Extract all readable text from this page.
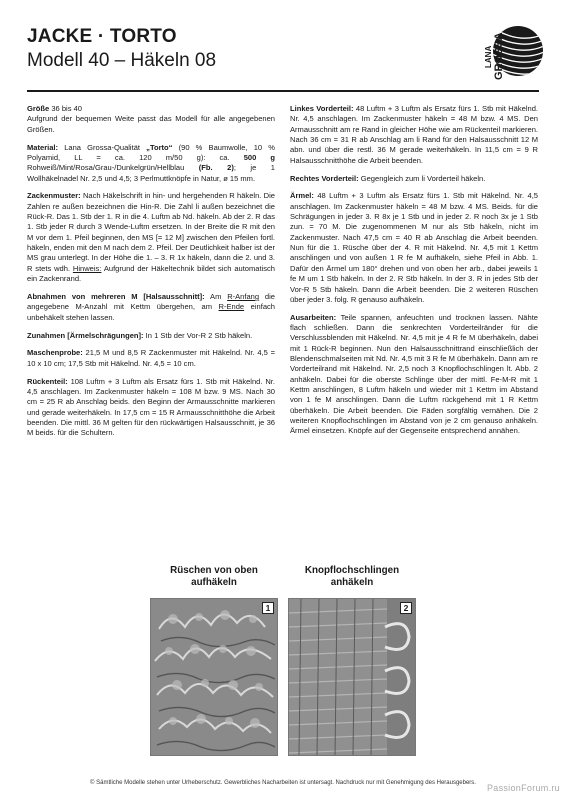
JACKE · TORTO
Modell 40 – Häkeln 08	LANA GROSSA

Größe 36 bis 40
Aufgrund der bequemen Weite passt das Modell für alle angegebenen Größen.

Material: Lana Grossa-Qualität „Torto“ (90 % Baumwolle, 10 % Polyamid, LL = ca. 120 m/50 g): ca. 500 g Rohweiß/Mint/Rosa/Grau-/Dunkelgrün/Hellblau (Fb. 2); je 1 Wollhäkelnadel Nr. 2,5 und 4,5; 3 Perlmuttknöpfe in Natur, ø 15 mm.

Zackenmuster: Nach Häkelschrift in hin- und hergehenden R häkeln. Die Zahlen re außen bezeichnen die Hin-R. Die Zahl li außen bezeichnet die Rück-R. Das 1. Stb der 1. R in die 4. Luftm ab Nd. häkeln. Ab der 2. R das 1. Stb jeder R durch 3 Wende-Luftm ersetzen. In der Breite die R mit den M vor dem 1. Pfeil beginnen, den MS [= 12 M] zwischen den Pfeilen fortl. häkeln, enden mit den M nach dem 2. Pfeil. Der Deutlichkeit halber ist der MS grau unterlegt. In der Höhe die 1. – 3. R 1x häkeln, dann die 2. und 3. R stets wdh. Hinweis: Aufgrund der Häkeltechnik bildet sich automatisch ein Zackenrand.

Abnahmen von mehreren M [Halsausschnitt]: Am R-Anfang die angegebene M-Anzahl mit Kettm übergehen, am R-Ende einfach unbehäkelt stehen lassen.

Zunahmen [Ärmelschrägungen]: In 1 Stb der Vor-R 2 Stb häkeln.

Maschenprobe: 21,5 M und 8,5 R Zackenmuster mit Häkelnd. Nr. 4,5 = 10 x 10 cm; 17,5 Stb mit Häkelnd. Nr. 4,5 = 10 cm.

Rückenteil: 108 Luftm + 3 Luftm als Ersatz fürs 1. Stb mit Häkelnd. Nr. 4,5 anschlagen. Im Zackenmuster häkeln = 108 M bzw. 9 MS. Nach 30 cm = 25 R ab Anschlag beids. den Beginn der Armausschnitte markieren und gerade weiterhäkeln. In 17,5 cm = 15 R Armausschnitthöhe die Arbeit beenden. Die mittl. 36 M gelten für den rückwärtigen Halsausschnitt, je 36 M beids. für die Schultern.

Linkes Vorderteil: 48 Luftm + 3 Luftm als Ersatz fürs 1. Stb mit Häkelnd. Nr. 4,5 anschlagen. Im Zackenmuster häkeln = 48 M bzw. 4 MS. Den Armausschnitt am re Rand in gleicher Höhe wie am Rückenteil markieren. Nach 36 cm = 31 R ab Anschlag am li Rand für den Halsausschnitt 12 M abn. und über die restl. 36 M gerade weiterhäkeln. In 11,5 cm = 9 R Halsausschnitthöhe die Arbeit beenden.

Rechtes Vorderteil: Gegengleich zum li Vorderteil häkeln.

Ärmel: 48 Luftm + 3 Luftm als Ersatz fürs 1. Stb mit Häkelnd. Nr. 4,5 anschlagen. Im Zackenmuster häkeln = 48 M bzw. 4 MS. Beids. für die Schrägungen in jeder 3. R 8x je 1 Stb und in jeder 2. R noch 3x je 1 Stb zun. = 70 M. Die zugenommenen M nur als Stb häkeln, nicht im Zackenmuster. Nach 47,5 cm = 40 R ab Anschlag die Arbeit beenden. Nun für die 1. Rüsche über der 4. R mit Häkelnd. Nr. 4,5 mit 1 Kettm anschlingen und von außen 1 R fe M aufhäkeln, siehe Pfeil in Abb. 1. Dafür den Ärmel um 180° drehen und von oben her arb., dabei jeweils 1 fe M um 1 Stb häkeln. In der 2. R Stb häkeln. In der 3. R in jedes Stb der Vor-R 5 Stb häkeln. Dann die Arbeit beenden. Die 2 weiteren Rüschen über jeder 3. folg. R genauso aufhäkeln.

Ausarbeiten: Teile spannen, anfeuchten und trocknen lassen. Nähte flach schließen. Dann die senkrechten Vorderteilränder für die Verschlussblenden mit Häkelnd. Nr. 4,5 mit je 4 R fe M überhäkeln, dabei mit 1 Rück-R beginnen. Nun den Halsausschnittrand einschließlich der Blendenschmalseiten mit Nd. Nr. 4,5 mit 3 R fe M überhäkeln. Dann am re Vorderteilrand mit Häkelnd. Nr. 2,5 noch 3 Knopflochschlingen lt. Abb. 2 anhäkeln. Dabei für die oberste Schlinge über der mittl. Fe-M-R mit 1 Kettm anschlingen, 8 Luftm häkeln und wieder mit 1 Kettm im Abstand von 1 fe M anschlingen. Dann die Luftm rückgehend mit 1 R Kettm überhäkeln. Die Arbeit beenden. Die Fäden sorgfältig vernähen. Die 2 weiteren Knopflochschlingen im Abstand von je 2 cm genauso anhäkeln. Ärmel einsetzen. Knöpfe auf der Gegenseite entsprechend annähen.

Rüschen von oben aufhäkeln
1
Knopflochschlingen anhäkeln
2
© Sämtliche Modelle stehen unter Urheberschutz. Gewerbliches Nacharbeiten ist untersagt. Nachdruck nur mit Genehmigung des Herausgebers.	PassionForum.ru
